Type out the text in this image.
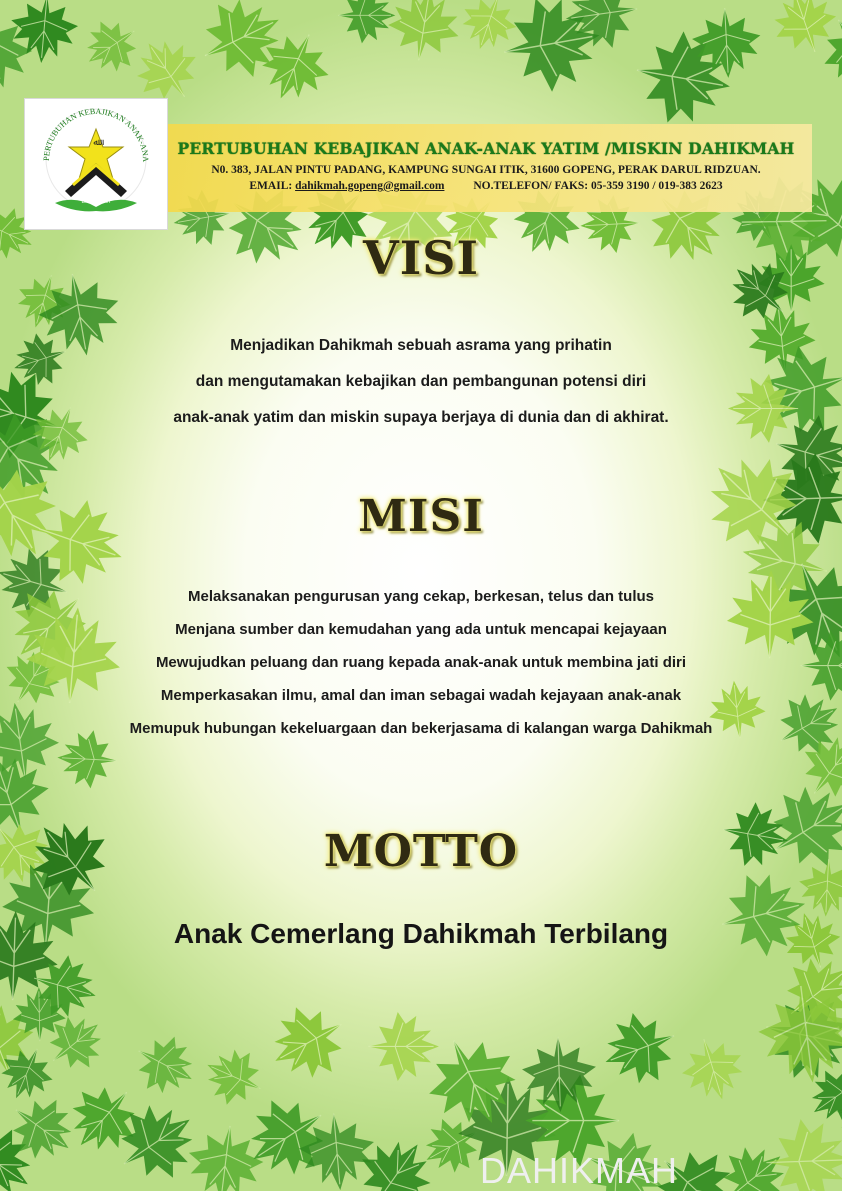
PERTUBUHAN KEBAJIKAN ANAK-ANA
ﷲ
DAHIKMAH
PERTUBUHAN KEBAJIKAN ANAK-ANAK YATIM /MISKIN DAHIKMAH
N0. 383, JALAN PINTU PADANG, KAMPUNG SUNGAI ITIK, 31600 GOPENG, PERAK DARUL RIDZUAN.
EMAIL: dahikmah.gopeng@gmail.com	NO.TELEFON/ FAKS: 05-359 3190 / 019-383 2623
VISI
Menjadikan Dahikmah sebuah asrama yang prihatin
dan mengutamakan kebajikan dan pembangunan potensi diri
anak-anak yatim dan miskin supaya berjaya di dunia dan di akhirat.
MISI
Melaksanakan pengurusan yang cekap, berkesan, telus dan tulus
Menjana sumber dan kemudahan yang ada untuk mencapai kejayaan
Mewujudkan peluang dan ruang kepada anak-anak untuk membina jati diri
Memperkasakan ilmu, amal dan iman sebagai wadah kejayaan anak-anak
Memupuk hubungan kekeluargaan dan bekerjasama di kalangan warga Dahikmah
MOTTO
Anak Cemerlang Dahikmah Terbilang
DAHIKMAH
